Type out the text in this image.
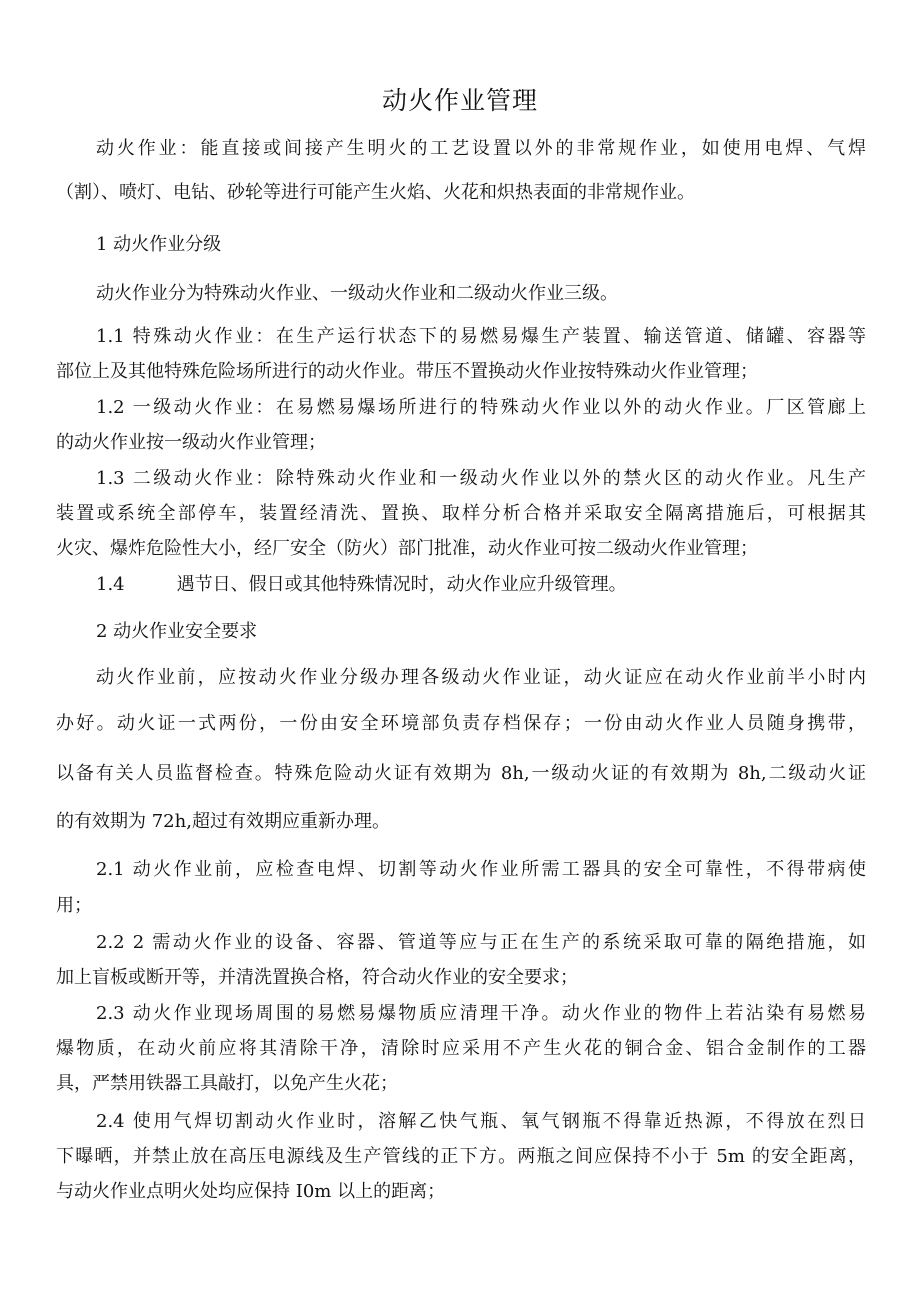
动火作业管理
动火作业：能直接或间接产生明火的工艺设置以外的非常规作业，如使用电焊、气焊
（割）、喷灯、电钻、砂轮等进行可能产生火焰、火花和炽热表面的非常规作业。
1 动火作业分级
动火作业分为特殊动火作业、一级动火作业和二级动火作业三级。
1.1 特殊动火作业：在生产运行状态下的易燃易爆生产装置、输送管道、储罐、容器等
部位上及其他特殊危险场所进行的动火作业。带压不置换动火作业按特殊动火作业管理；
1.2 一级动火作业：在易燃易爆场所进行的特殊动火作业以外的动火作业。厂区管廊上
的动火作业按一级动火作业管理；
1.3 二级动火作业：除特殊动火作业和一级动火作业以外的禁火区的动火作业。凡生产
装置或系统全部停车，装置经清洗、置换、取样分析合格并采取安全隔离措施后，可根据其
火灾、爆炸危险性大小，经厂安全（防火）部门批准，动火作业可按二级动火作业管理；
1.4	遇节日、假日或其他特殊情况时，动火作业应升级管理。
2 动火作业安全要求
动火作业前，应按动火作业分级办理各级动火作业证，动火证应在动火作业前半小时内
办好。动火证一式两份，一份由安全环境部负责存档保存；一份由动火作业人员随身携带，
以备有关人员监督检查。特殊危险动火证有效期为 8h,一级动火证的有效期为 8h,二级动火证
的有效期为 72h,超过有效期应重新办理。
2.1 动火作业前，应检查电焊、切割等动火作业所需工器具的安全可靠性，不得带病使
用；
2.2 2 需动火作业的设备、容器、管道等应与正在生产的系统采取可靠的隔绝措施，如
加上盲板或断开等，并清洗置换合格，符合动火作业的安全要求；
2.3 动火作业现场周围的易燃易爆物质应清理干净。动火作业的物件上若沾染有易燃易
爆物质，在动火前应将其清除干净，清除时应采用不产生火花的铜合金、铝合金制作的工器
具，严禁用铁器工具敲打，以免产生火花；
2.4 使用气焊切割动火作业时，溶解乙快气瓶、氧气钢瓶不得靠近热源，不得放在烈日
下曝晒，并禁止放在高压电源线及生产管线的正下方。两瓶之间应保持不小于 5m 的安全距离，
与动火作业点明火处均应保持 I0m 以上的距离；
